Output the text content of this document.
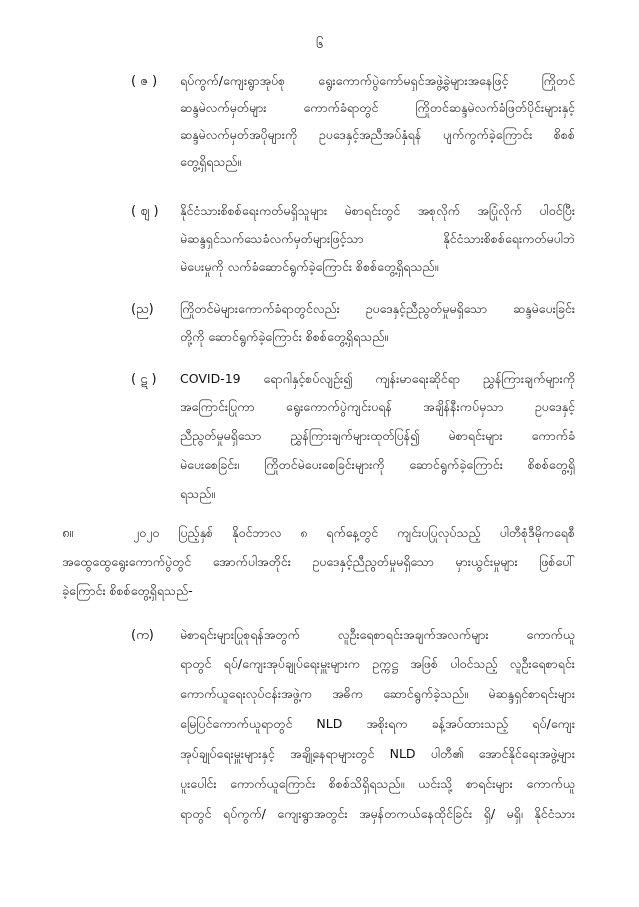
၆
( ဇ ) ရပ်ကွက်/ကျေးရွာအုပ်စု ရွေးကောက်ပွဲကော်မရှင်အဖွဲ့ခွဲများအနေဖြင့် ကြိုတင်
ဆန္ဒမဲလက်မှတ်များ ကောက်ခံရာတွင် ကြိုတင်ဆန္ဒမဲလက်ခံဖြတ်ပိုင်းများနှင့်
ဆန္ဒမဲလက်မှတ်အပိုများကို ဥပဒေနှင့်အညီအပ်နှံရန် ပျက်ကွက်ခဲ့ကြောင်း စိစစ်
တွေ့ရှိရသည်။
( ဈ ) နိုင်ငံသားစိစစ်ရေးကတ်မရှိသူများ မဲစာရင်းတွင် အစုလိုက် အပြုံလိုက် ပါဝင်ပြီး
မဲဆန္ဒရှင်သက်သေခံလက်မှတ်များဖြင့်သာ နိုင်ငံသားစိစစ်ရေးကတ်မပါဘဲ
မဲပေးမှုကို လက်ခံဆောင်ရွက်ခဲ့ကြောင်း စိစစ်တွေ့ရှိရသည်။
(ည) ကြိုတင်မဲများကောက်ခံရာတွင်လည်း ဥပဒေနှင့်ညီညွတ်မှုမရှိသော ဆန္ဒမဲပေးခြင်း
တို့ကို ဆောင်ရွက်ခဲ့ကြောင်း စိစစ်တွေ့ရှိရသည်။
( ဋ ) COVID-19 ရောဂါနှင့်စပ်လျဉ်း၍ ကျန်းမာရေးဆိုင်ရာ ညွှန်ကြားချက်များကို
အကြောင်းပြုကာ ရွေးကောက်ပွဲကျင်းပရန် အချိန်နီးကပ်မှသာ ဥပဒေနှင့်
ညီညွတ်မှုမရှိသော ညွှန်ကြားချက်များထုတ်ပြန်၍ မဲစာရင်းများ ကောက်ခံ
မဲပေးစေခြင်း၊ ကြိုတင်မဲပေးစေခြင်းများကို ဆောင်ရွက်ခဲ့ကြောင်း စိစစ်တွေ့ရှိ
ရသည်။
၈။	၂၀၂၀ ပြည့်နှစ် နိုဝင်ဘာလ ၈ ရက်နေ့တွင် ကျင်းပပြုလုပ်သည့် ပါတီစုံဒီမိုကရေစီ
အထွေထွေရွေးကောက်ပွဲတွင် အောက်ပါအတိုင်း ဥပဒေနှင့်ညီညွတ်မှုမရှိသော မှားယွင်းမှုများ ဖြစ်ပေါ်
ခဲ့ကြောင်း စိစစ်တွေ့ရှိရသည်-
(က) မဲစာရင်းများပြုစုရန်အတွက် လူဦးရေစာရင်းအချက်အလက်များ ကောက်ယူ
ရာတွင် ရပ်/ကျေးအုပ်ချုပ်ရေးမှူးများက ဥက္ကဋ္ဌ အဖြစ် ပါဝင်သည့် လူဦးရေစာရင်း
ကောက်ယူရေးလုပ်ငန်းအဖွဲ့က အဓိက ဆောင်ရွက်ခဲ့သည်။ မဲဆန္ဒရှင်စာရင်းများ
မြေပြင်ကောက်ယူရာတွင် NLD အစိုးရက ခန့်အပ်ထားသည့် ရပ်/ကျေး
အုပ်ချုပ်ရေးမှူးများနှင့် အချို့နေရာများတွင် NLD ပါတီ၏ အောင်နိုင်ရေးအဖွဲ့များ
ပူးပေါင်း ကောက်ယူကြောင်း စိစစ်သိရှိရသည်။ ယင်းသို့ စာရင်းများ ကောက်ယူ
ရာတွင် ရပ်ကွက်/ ကျေးရွာအတွင်း အမှန်တကယ်နေထိုင်ခြင်း ရှိ/ မရှိ၊ နိုင်ငံသား
